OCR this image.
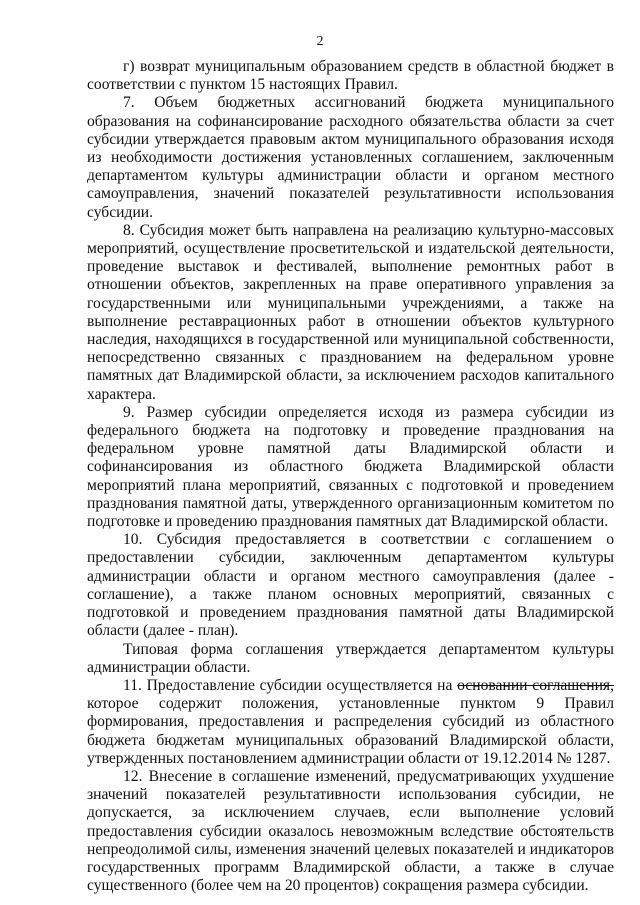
2

г) возврат муниципальным образованием средств в областной бюджет в соответствии с пунктом 15 настоящих Правил.

7. Объем бюджетных ассигнований бюджета муниципального образования на софинансирование расходного обязательства области за счет субсидии утверждается правовым актом муниципального образования исходя из необходимости достижения установленных соглашением, заключенным департаментом культуры администрации области и органом местного самоуправления, значений показателей результативности использования субсидии.

8. Субсидия может быть направлена на реализацию культурно-массовых мероприятий, осуществление просветительской и издательской деятельности, проведение выставок и фестивалей, выполнение ремонтных работ в отношении объектов, закрепленных на праве оперативного управления за государственными или муниципальными учреждениями, а также на выполнение реставрационных работ в отношении объектов культурного наследия, находящихся в государственной или муниципальной собственности, непосредственно связанных с празднованием на федеральном уровне памятных дат Владимирской области, за исключением расходов капитального характера.

9. Размер субсидии определяется исходя из размера субсидии из федерального бюджета на подготовку и проведение празднования на федеральном уровне памятной даты Владимирской области и софинансирования из областного бюджета Владимирской области мероприятий плана мероприятий, связанных с подготовкой и проведением празднования памятной даты, утвержденного организационным комитетом по подготовке и проведению празднования памятных дат Владимирской области.

10. Субсидия предоставляется в соответствии с соглашением о предоставлении субсидии, заключенным департаментом культуры администрации области и органом местного самоуправления (далее - соглашение), а также планом основных мероприятий, связанных с подготовкой и проведением празднования памятной даты Владимирской области (далее - план).

Типовая форма соглашения утверждается департаментом культуры администрации области.

11. Предоставление субсидии осуществляется на основании соглашения, которое содержит положения, установленные пунктом 9 Правил формирования, предоставления и распределения субсидий из областного бюджета бюджетам муниципальных образований Владимирской области, утвержденных постановлением администрации области от 19.12.2014 № 1287.

12. Внесение в соглашение изменений, предусматривающих ухудшение значений показателей результативности использования субсидии, не допускается, за исключением случаев, если выполнение условий предоставления субсидии оказалось невозможным вследствие обстоятельств непреодолимой силы, изменения значений целевых показателей и индикаторов государственных программ Владимирской области, а также в случае существенного (более чем на 20 процентов) сокращения размера субсидии.
